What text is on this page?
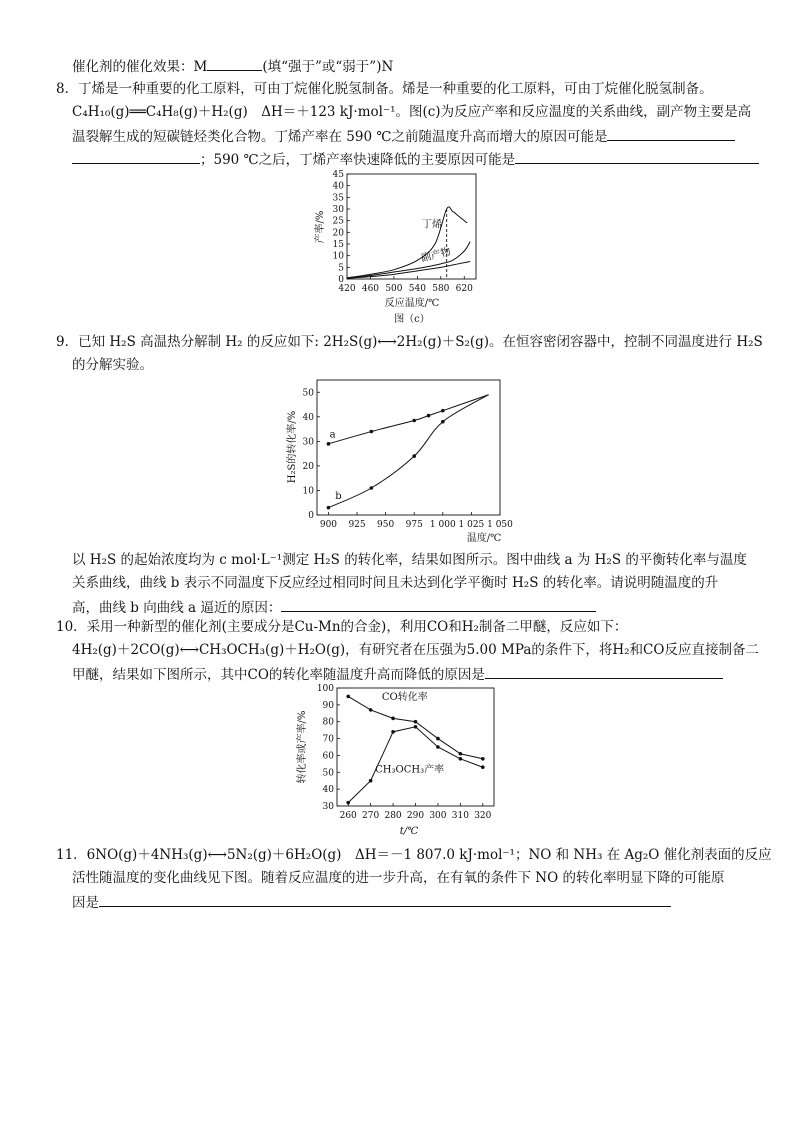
催化剂的催化效果：M	(填“强于”或“弱于”)N
8．丁烯是一种重要的化工原料，可由丁烷催化脱氢制备。烯是一种重要的化工原料，可由丁烷催化脱氢制备。
C₄H₁₀(g)══C₄H₈(g)＋H₂(g)　ΔH＝＋123 kJ·mol⁻¹。图(c)为反应产率和反应温度的关系曲线，副产物主要是高
温裂解生成的短碳链烃类化合物。丁烯产率在 590 ℃之前随温度升高而增大的原因可能是
；590 ℃之后，丁烯产率快速降低的主要原因可能是
420 460 500 540 580 620
0
5
10
15
20
25
30
35
40
45
丁烯
副产物
产率/%
反应温度/℃
图（c）
9．已知 H₂S 高温热分解制 H₂ 的反应如下: 2H₂S(g)⟷2H₂(g)＋S₂(g)。在恒容密闭容器中，控制不同温度进行 H₂S
的分解实验。
以 H₂S 的起始浓度均为 c mol·L⁻¹测定 H₂S 的转化率，结果如图所示。图中曲线 a 为 H₂S 的平衡转化率与温度
关系曲线，曲线 b 表示不同温度下反应经过相同时间且未达到化学平衡时 H₂S 的转化率。请说明随温度的升
高，曲线 b 向曲线 a 逼近的原因：
900 925 950 975 1 000 1 025 1 050
0
10
20
30
40
50
a
b
H₂S的转化率/%
温度/℃
10．采用一种新型的催化剂(主要成分是Cu-Mn的合金)，利用CO和H₂制备二甲醚，反应如下：
4H₂(g)＋2CO(g)⟷CH₃OCH₃(g)＋H₂O(g)，有研究者在压强为5.00 MPa的条件下，将H₂和CO反应直接制备二
甲醚，结果如下图所示，其中CO的转化率随温度升高而降低的原因是
260 270 280 290 300 310 320
30
40
50
60
70
80
90
100
CO转化率
CH₃OCH₃产率
转化率或产率/%
t/℃
11．6NO(g)＋4NH₃(g)⟷5N₂(g)＋6H₂O(g)　ΔH＝－1 807.0 kJ·mol⁻¹；NO 和 NH₃ 在 Ag₂O 催化剂表面的反应
活性随温度的变化曲线见下图。随着反应温度的进一步升高，在有氧的条件下 NO 的转化率明显下降的可能原
因是
